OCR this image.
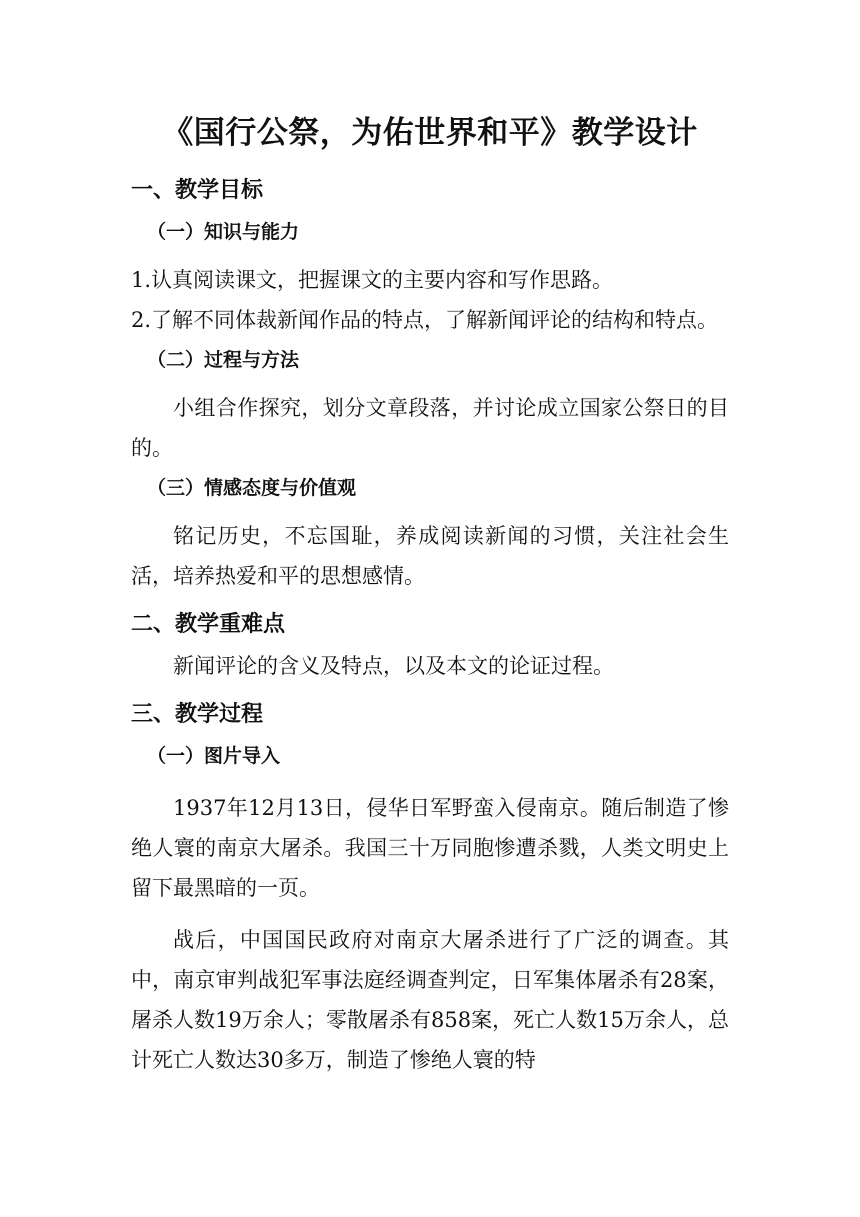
《国行公祭，为佑世界和平》教学设计
一、教学目标
（一）知识与能力

1.认真阅读课文，把握课文的主要内容和写作思路。

2.了解不同体裁新闻作品的特点，了解新闻评论的结构和特点。

（二）过程与方法

小组合作探究，划分文章段落，并讨论成立国家公祭日的目的。

（三）情感态度与价值观

铭记历史，不忘国耻，养成阅读新闻的习惯，关注社会生活，培养热爱和平的思想感情。

二、教学重难点

新闻评论的含义及特点，以及本文的论证过程。

三、教学过程
（一）图片导入

1937年12月13日，侵华日军野蛮入侵南京。随后制造了惨绝人寰的南京大屠杀。我国三十万同胞惨遭杀戮，人类文明史上留下最黑暗的一页。

战后，中国国民政府对南京大屠杀进行了广泛的调查。其中，南京审判战犯军事法庭经调查判定，日军集体屠杀有28案，屠杀人数19万余人；零散屠杀有858案，死亡人数15万余人，总计死亡人数达30多万，制造了惨绝人寰的特
